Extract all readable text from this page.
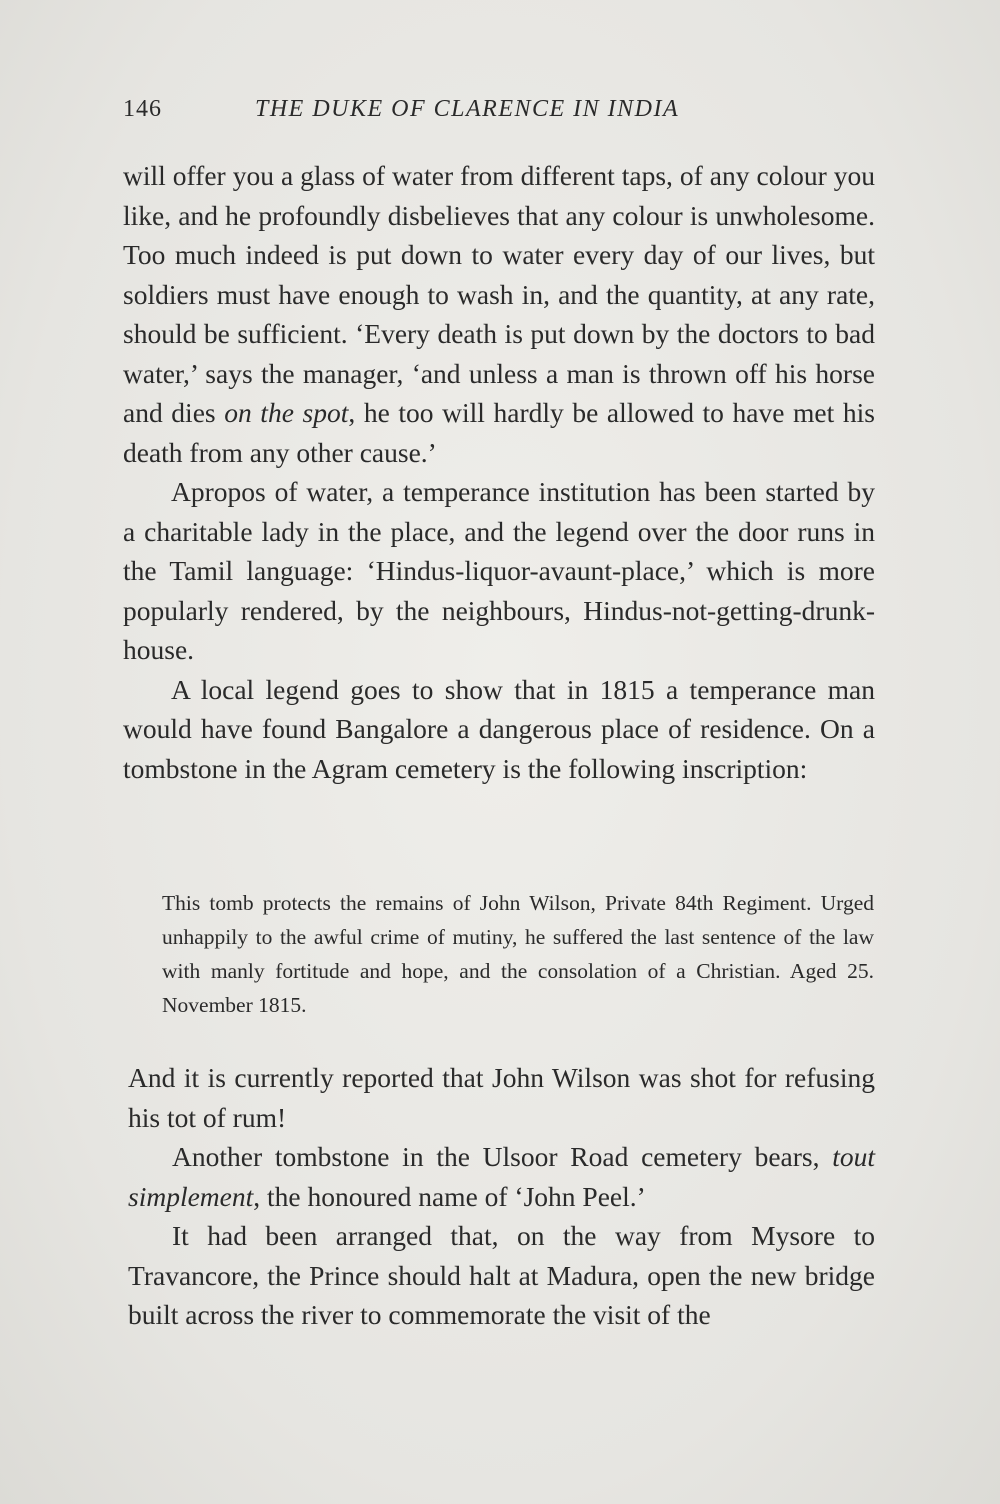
146	THE DUKE OF CLARENCE IN INDIA

will offer you a glass of water from different taps, of any colour you like, and he profoundly disbelieves that any colour is unwholesome. Too much indeed is put down to water every day of our lives, but soldiers must have enough to wash in, and the quantity, at any rate, should be sufficient. ‘Every death is put down by the doctors to bad water,’ says the manager, ‘and unless a man is thrown off his horse and dies on the spot, he too will hardly be allowed to have met his death from any other cause.’

Apropos of water, a temperance institution has been started by a charitable lady in the place, and the legend over the door runs in the Tamil language: ‘Hindus-liquor-avaunt-place,’ which is more popularly rendered, by the neighbours, Hindus-not-getting-drunk-house.

A local legend goes to show that in 1815 a temperance man would have found Bangalore a dangerous place of residence. On a tombstone in the Agram cemetery is the following inscription:

This tomb protects the remains of John Wilson, Private 84th Regiment. Urged unhappily to the awful crime of mutiny, he suffered the last sentence of the law with manly fortitude and hope, and the consolation of a Christian. Aged 25. November 1815.

And it is currently reported that John Wilson was shot for refusing his tot of rum!

Another tombstone in the Ulsoor Road cemetery bears, tout simplement, the honoured name of ‘John Peel.’

It had been arranged that, on the way from Mysore to Travancore, the Prince should halt at Madura, open the new bridge built across the river to commemorate the visit of the
